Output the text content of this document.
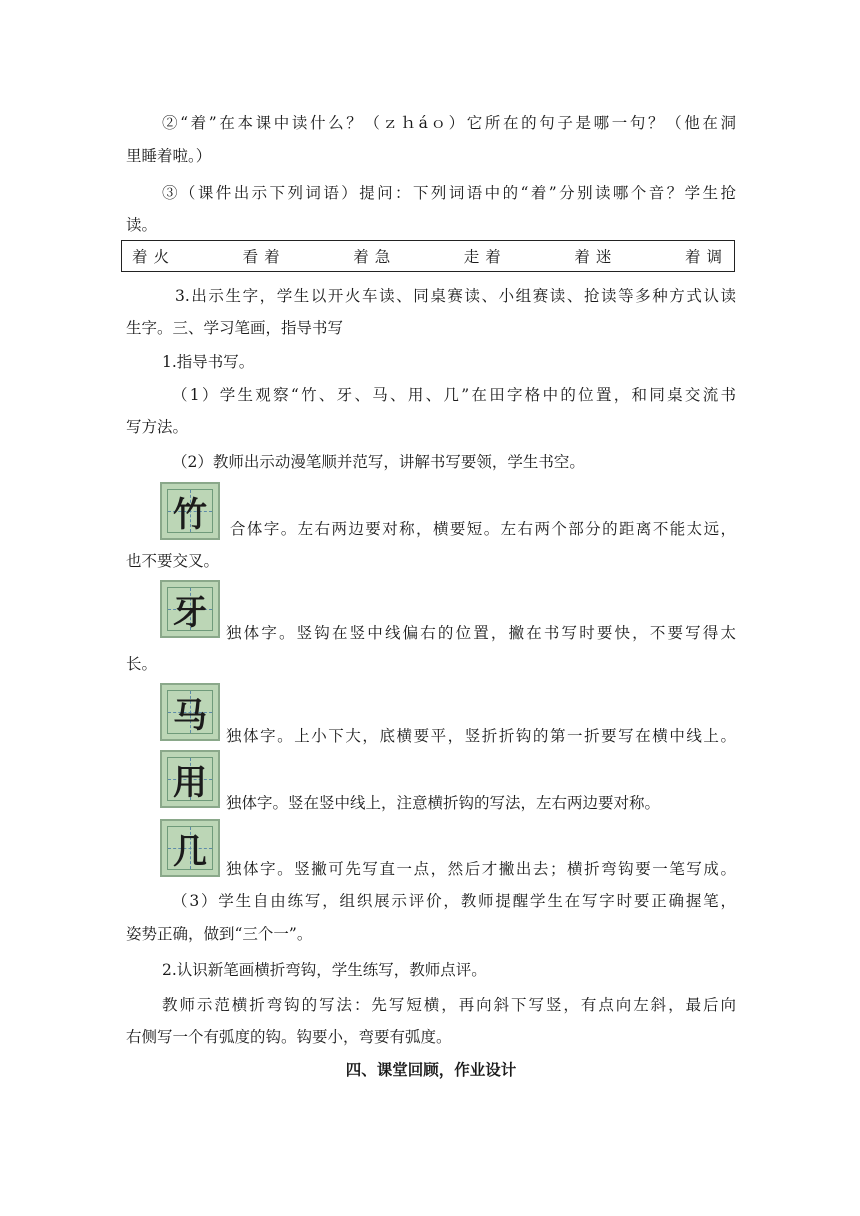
②“着”在本课中读什么？（ｚｈáｏ）它所在的句子是哪一句？（他在洞
里睡着啦。）
③（课件出示下列词语）提问：下列词语中的“着”分别读哪个音？学生抢
读。
着火	看着	着急	走着	着迷	着调
3.出示生字，学生以开火车读、同桌赛读、小组赛读、抢读等多种方式认读
生字。三、学习笔画，指导书写
1.指导书写。
（1）学生观察“竹、牙、马、用、几”在田字格中的位置，和同桌交流书
写方法。
（2）教师出示动漫笔顺并范写，讲解书写要领，学生书空。
竹	合体字。左右两边要对称，横要短。左右两个部分的距离不能太远，
也不要交叉。
牙
独体字。竖钩在竖中线偏右的位置，撇在书写时要快，不要写得太
长。
马
独体字。上小下大，底横要平，竖折折钩的第一折要写在横中线上。
用
独体字。竖在竖中线上，注意横折钩的写法，左右两边要对称。
几	独体字。竖撇可先写直一点，然后才撇出去；横折弯钩要一笔写成。
（3）学生自由练写，组织展示评价，教师提醒学生在写字时要正确握笔，
姿势正确，做到“三个一”。
2.认识新笔画横折弯钩，学生练写，教师点评。
教师示范横折弯钩的写法：先写短横，再向斜下写竖，有点向左斜，最后向
右侧写一个有弧度的钩。钩要小，弯要有弧度。
四、课堂回顾，作业设计
